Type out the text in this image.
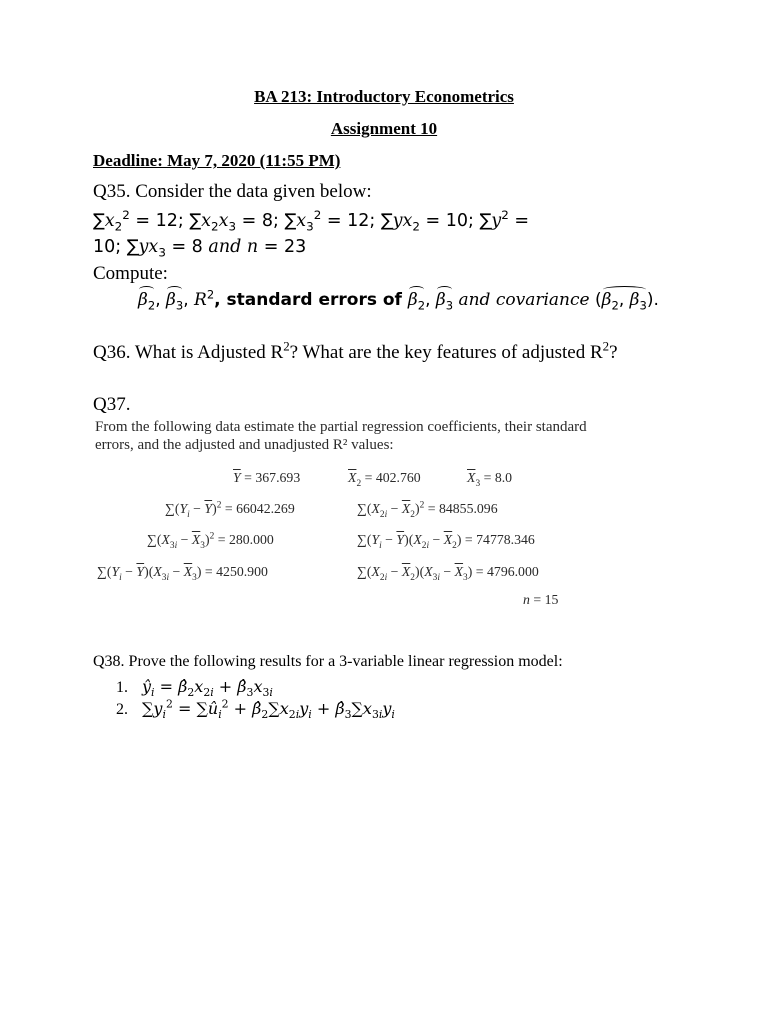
BA 213: Introductory Econometrics
Assignment 10
Deadline: May 7, 2020 (11:55 PM)
Q35. Consider the data given below:
$\sum x_2^2 = 12$; $\sum x_2x_3 = 8$; $\sum x_3^2 = 12$; $\sum yx_2 = 10$; $\sum y^2$ =
10; $\sum yx_3 = 8$ and n = 23
Compute:
$\beta_2$, $\beta_3$, $R^2$, standard errors of $\beta_2$, $\beta_3$ and covariance ($\beta_2$, $\beta_3$).
Q36. What is Adjusted $R^2$? What are the key features of adjusted $R^2$?
Q37.
From the following data estimate the partial regression coefficients, their standard errors, and the adjusted and unadjusted R² values:
$\overline{Y} = 367.693$	$\overline{X}_2 = 402.760$	$\overline{X}_3 = 8.0$
$\sum(Y_i - \overline{Y})^2 = 66042.269$	$\sum(X_{2i} - \overline{X}_2)^2 = 84855.096$
$\sum(X_{3i} - \overline{X}_3)^2 = 280.000$	$\sum(Y_i - \overline{Y})(X_{2i} - \overline{X}_2) = 74778.346$
$\sum(Y_i - \overline{Y})(X_{3i} - \overline{X}_3) = 4250.900$	$\sum(X_{2i} - \overline{X}_2)(X_{3i} - \overline{X}_3) = 4796.000$
n = 15
Q38. Prove the following results for a 3-variable linear regression model:
1. $ŷ_i$ = $\betâ_2x_{2i}$ + $\betâ_3x_{3i}$
2. $\sum y_i^2$ = $\sum û_i^2$ + $\betâ_2\sum x_{2i}y_i$ + $\betâ_3\sum x_{3i}y_i$
